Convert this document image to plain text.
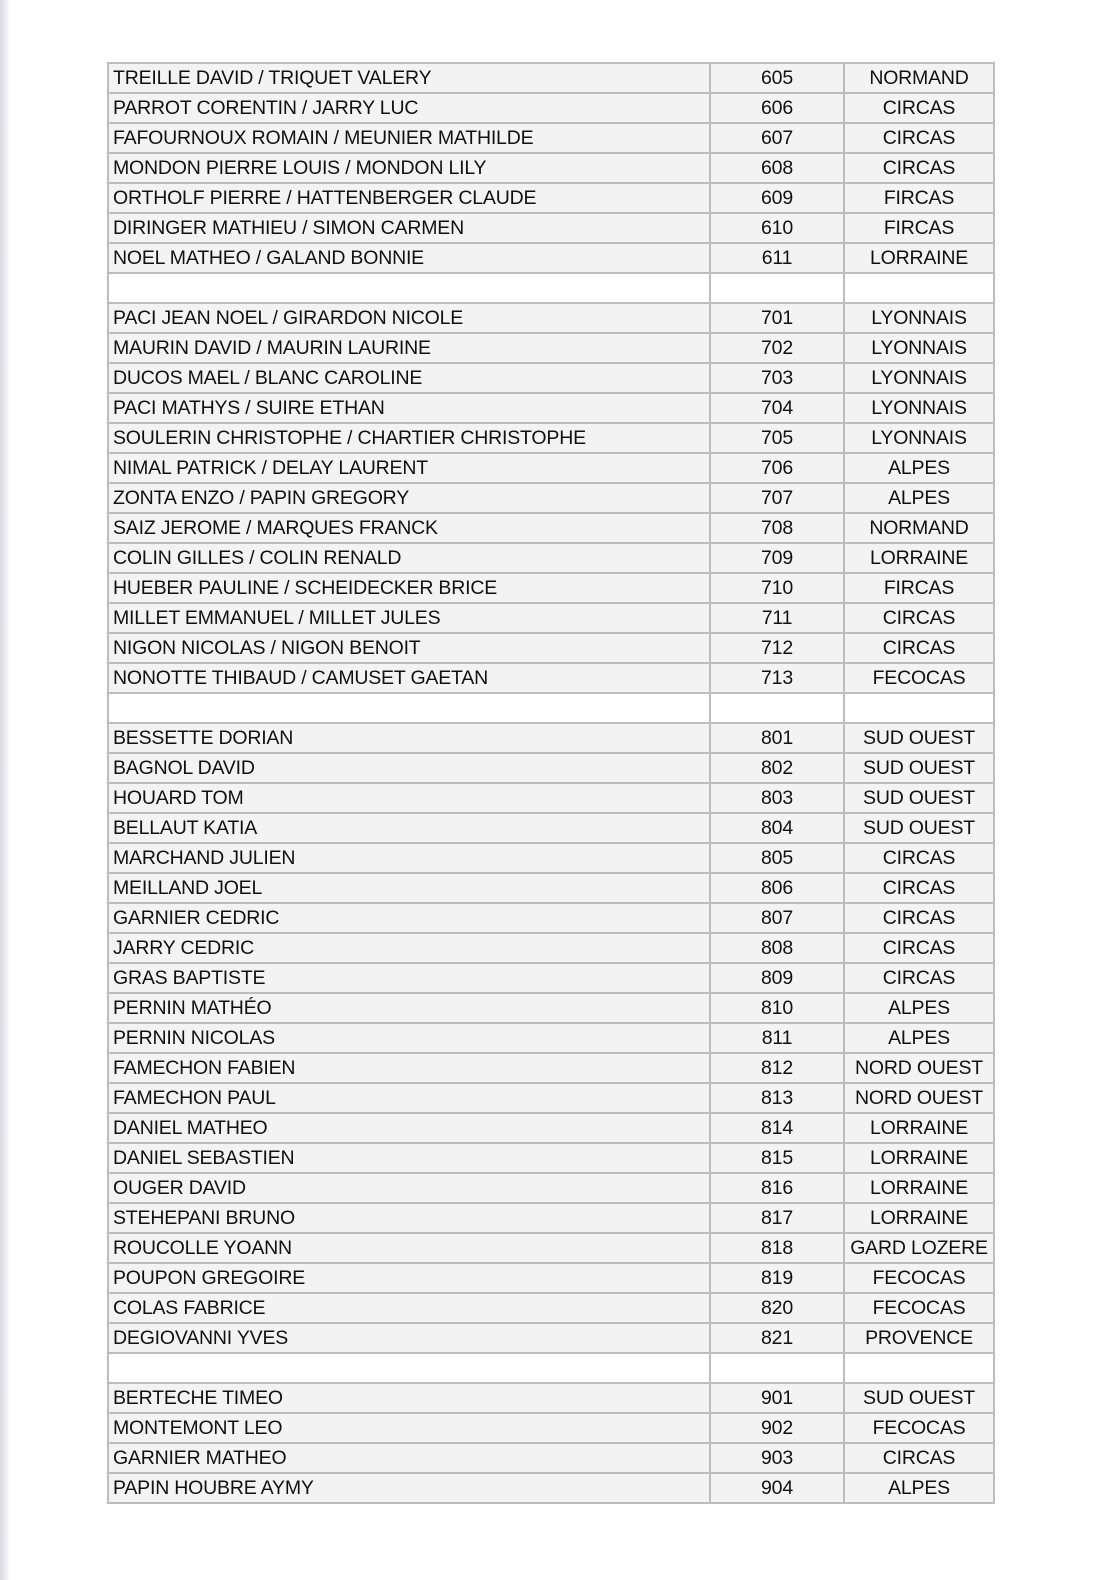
TREILLE DAVID / TRIQUET VALERY	605	NORMAND
PARROT CORENTIN / JARRY LUC	606	CIRCAS
FAFOURNOUX ROMAIN / MEUNIER MATHILDE	607	CIRCAS
MONDON PIERRE LOUIS / MONDON LILY	608	CIRCAS
ORTHOLF PIERRE / HATTENBERGER CLAUDE	609	FIRCAS
DIRINGER MATHIEU / SIMON CARMEN	610	FIRCAS
NOEL MATHEO / GALAND BONNIE	611	LORRAINE

PACI JEAN NOEL / GIRARDON NICOLE	701	LYONNAIS
MAURIN DAVID / MAURIN LAURINE	702	LYONNAIS
DUCOS MAEL / BLANC CAROLINE	703	LYONNAIS
PACI MATHYS / SUIRE ETHAN	704	LYONNAIS
SOULERIN CHRISTOPHE / CHARTIER CHRISTOPHE	705	LYONNAIS
NIMAL PATRICK / DELAY LAURENT	706	ALPES
ZONTA ENZO / PAPIN GREGORY	707	ALPES
SAIZ JEROME / MARQUES FRANCK	708	NORMAND
COLIN GILLES / COLIN RENALD	709	LORRAINE
HUEBER PAULINE / SCHEIDECKER BRICE	710	FIRCAS
MILLET EMMANUEL / MILLET JULES	711	CIRCAS
NIGON NICOLAS / NIGON BENOIT	712	CIRCAS
NONOTTE THIBAUD / CAMUSET GAETAN	713	FECOCAS

BESSETTE DORIAN	801	SUD OUEST
BAGNOL DAVID	802	SUD OUEST
HOUARD TOM	803	SUD OUEST
BELLAUT KATIA	804	SUD OUEST
MARCHAND JULIEN	805	CIRCAS
MEILLAND JOEL	806	CIRCAS
GARNIER CEDRIC	807	CIRCAS
JARRY CEDRIC	808	CIRCAS
GRAS BAPTISTE	809	CIRCAS
PERNIN MATHÉO	810	ALPES
PERNIN NICOLAS	811	ALPES
FAMECHON FABIEN	812	NORD OUEST
FAMECHON PAUL	813	NORD OUEST
DANIEL MATHEO	814	LORRAINE
DANIEL SEBASTIEN	815	LORRAINE
OUGER DAVID	816	LORRAINE
STEHEPANI BRUNO	817	LORRAINE
ROUCOLLE YOANN	818	GARD LOZERE
POUPON GREGOIRE	819	FECOCAS
COLAS FABRICE	820	FECOCAS
DEGIOVANNI YVES	821	PROVENCE

BERTECHE TIMEO	901	SUD OUEST
MONTEMONT LEO	902	FECOCAS
GARNIER MATHEO	903	CIRCAS
PAPIN HOUBRE AYMY	904	ALPES
